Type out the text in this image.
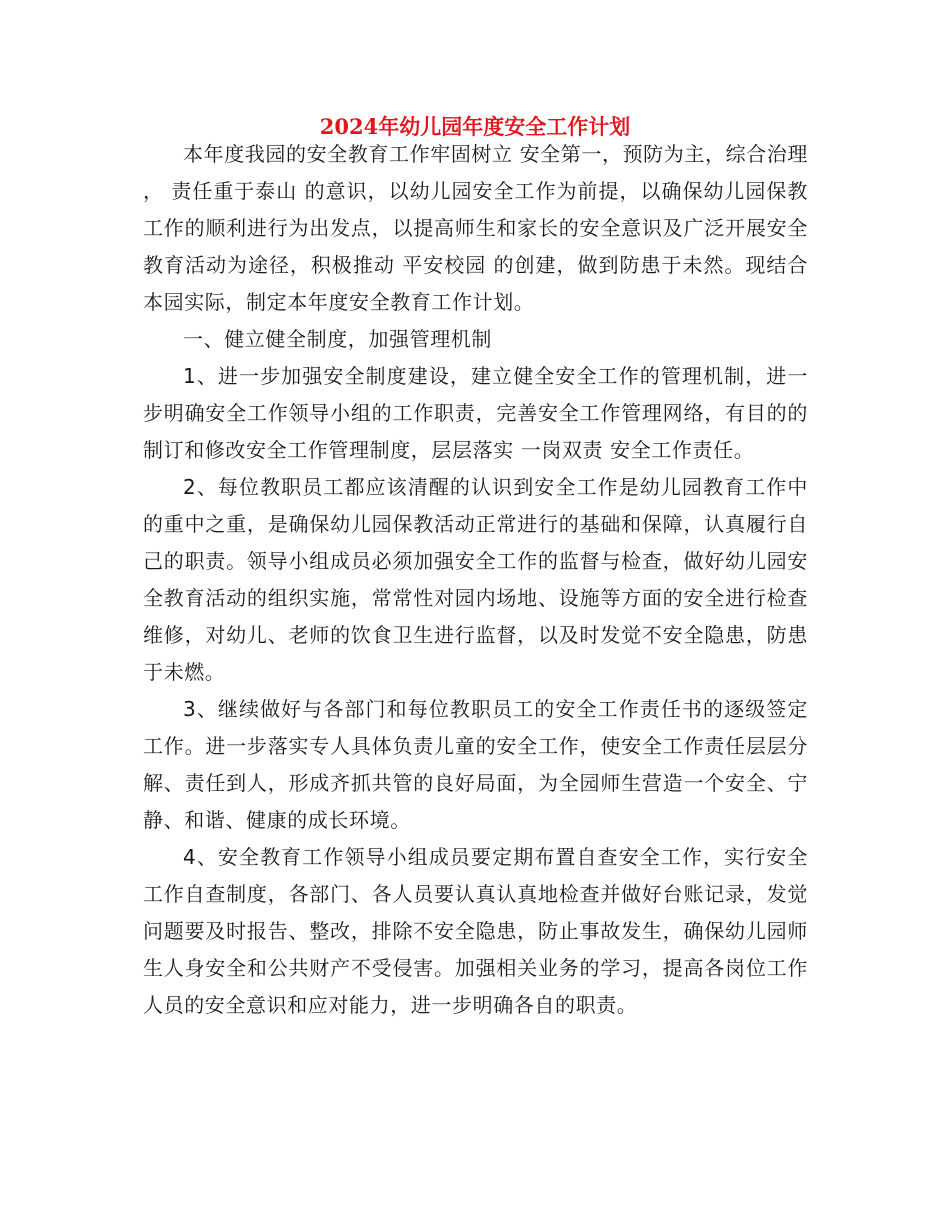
2024年幼儿园年度安全工作计划

本年度我园的安全教育工作牢固树立 安全第一，预防为主，综合治理 ， 责任重于泰山 的意识，以幼儿园安全工作为前提，以确保幼儿园保教工作的顺利进行为出发点，以提高师生和家长的安全意识及广泛开展安全教育活动为途径，积极推动 平安校园 的创建，做到防患于未然。现结合本园实际，制定本年度安全教育工作计划。

一、健立健全制度，加强管理机制

1、进一步加强安全制度建设，建立健全安全工作的管理机制，进一步明确安全工作领导小组的工作职责，完善安全工作管理网络，有目的的制订和修改安全工作管理制度，层层落实 一岗双责 安全工作责任。

2、每位教职员工都应该清醒的认识到安全工作是幼儿园教育工作中的重中之重，是确保幼儿园保教活动正常进行的基础和保障，认真履行自己的职责。领导小组成员必须加强安全工作的监督与检查，做好幼儿园安全教育活动的组织实施，常常性对园内场地、设施等方面的安全进行检查维修，对幼儿、老师的饮食卫生进行监督，以及时发觉不安全隐患，防患于未燃。

3、继续做好与各部门和每位教职员工的安全工作责任书的逐级签定工作。进一步落实专人具体负责儿童的安全工作，使安全工作责任层层分解、责任到人，形成齐抓共管的良好局面，为全园师生营造一个安全、宁静、和谐、健康的成长环境。

4、安全教育工作领导小组成员要定期布置自查安全工作，实行安全工作自查制度，各部门、各人员要认真认真地检查并做好台账记录，发觉问题要及时报告、整改，排除不安全隐患，防止事故发生，确保幼儿园师生人身安全和公共财产不受侵害。加强相关业务的学习，提高各岗位工作人员的安全意识和应对能力，进一步明确各自的职责。
